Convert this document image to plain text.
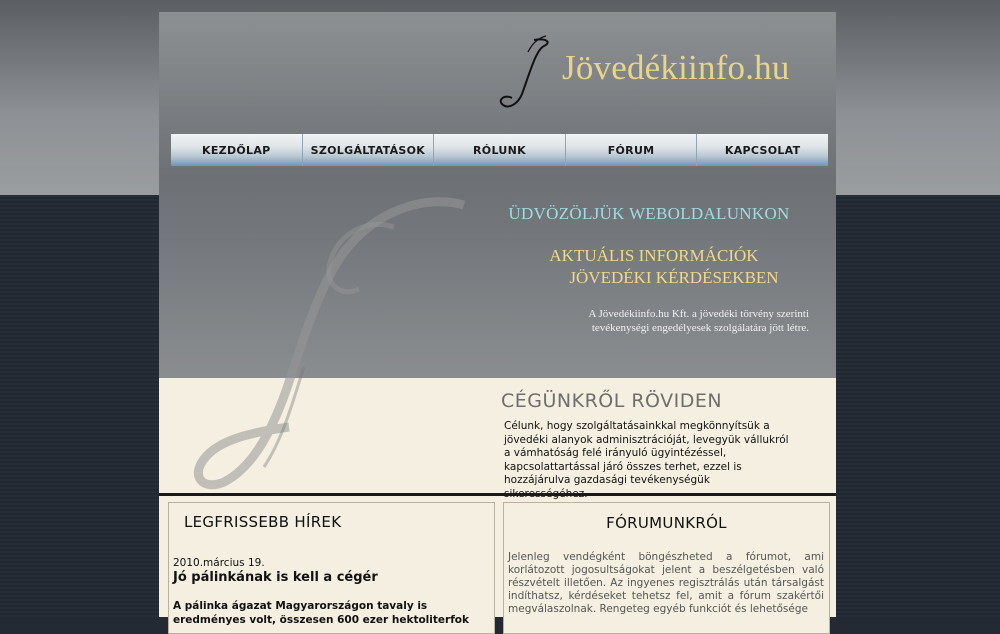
Jövedékiinfo.hu
KEZDŐLAP	SZOLGÁLTATÁSOK	RÓLUNK	FÓRUM	KAPCSOLAT
ÜDVÖZÖLJÜK WEBOLDALUNKON
AKTUÁLIS INFORMÁCIÓK
JÖVEDÉKI KÉRDÉSEKBEN
A Jövedékiinfo.hu Kft. a jövedéki törvény szerinti
tevékenységi engedélyesek szolgálatára jött létre.
CÉGÜNKRŐL RÖVIDEN
Célunk, hogy szolgáltatásainkkal megkönnyítsük a jövedéki alanyok adminisztrációját, levegyük vállukról a vámhatóság felé irányuló ügyintézéssel, kapcsolattartással járó összes terhet, ezzel is hozzájárulva gazdasági tevékenységük
LEGFRISSEBB HÍREK
2010.március 19.
Jó pálinkának is kell a cégér
A pálinka ágazat Magyarországon tavaly is eredményes volt, összesen 600 ezer hektoliterfok
FÓRUMUNKRÓL
Jelenleg vendégként böngészheted a fórumot, ami korlátozott jogosultságokat jelent a beszélgetésben való részvételt illetően. Az ingyenes regisztrálás után társalgást indíthatsz, kérdéseket tehetsz fel, amit a fórum szakértői megválaszolnak. Rengeteg egyéb funkciót és lehetősége
